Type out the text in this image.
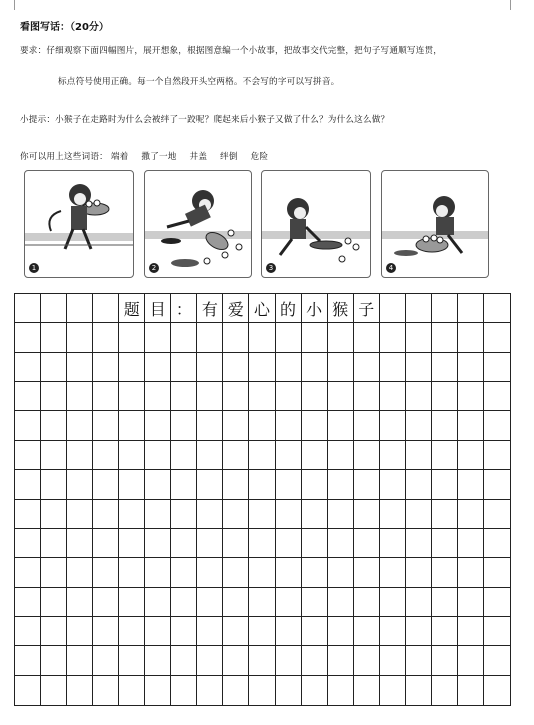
看图写话：（20分）
要求：仔细观察下面四幅图片，展开想象，根据图意编一个小故事，把故事交代完整，把句子写通顺写连贯，
标点符号使用正确。每一个自然段开头空两格。不会写的字可以写拼音。
小提示：小猴子在走路时为什么会被绊了一跤呢？爬起来后小猴子又做了什么？为什么这么做？
你可以用上这些词语： 端着 撒了一地 井盖 绊倒 危险
1	2	3	4
题 目 ： 有 爱 心 的 小 猴 子
